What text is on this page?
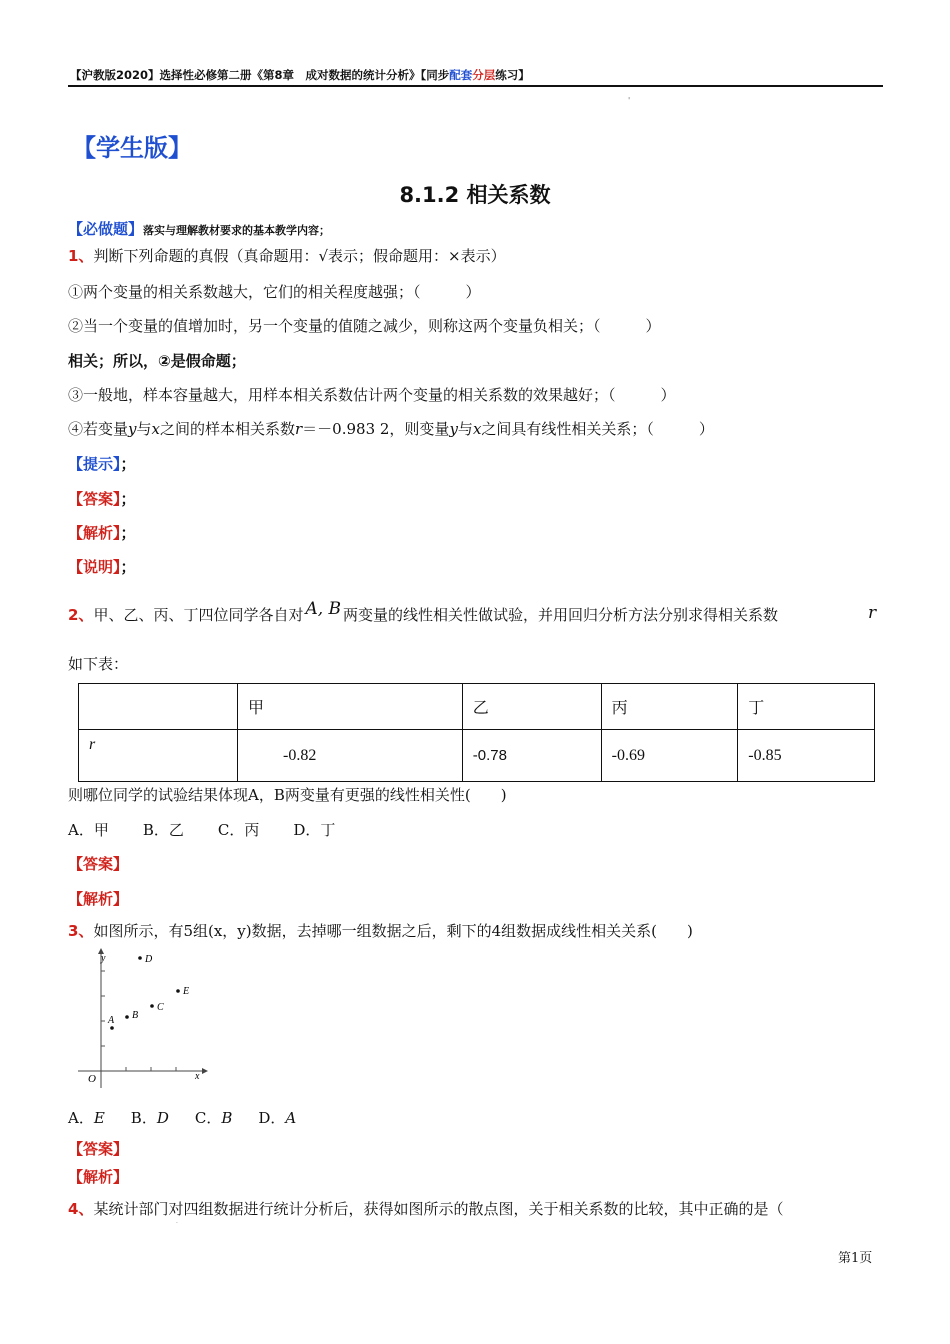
【沪教版2020】选择性必修第二册《第8章　成对数据的统计分析》【同步配套分层练习】
'
【学生版】
8.1.2 相关系数
【必做题】落实与理解教材要求的基本教学内容；
1、判断下列命题的真假（真命题用：√表示；假命题用：×表示）
①两个变量的相关系数越大，它们的相关程度越强；（　　　）
②当一个变量的值增加时，另一个变量的值随之减少，则称这两个变量负相关；（　　　）
相关；所以，②是假命题；
③一般地，样本容量越大，用样本相关系数估计两个变量的相关系数的效果越好；（　　　）
④若变量y与x之间的样本相关系数r＝－0.983 2，则变量y与x之间具有线性相关关系；（　　　）
【提示】；
【答案】；
【解析】；
【说明】；
2、甲、乙、丙、丁四位同学各自对 A, B 两变量的线性相关性做试验，并用回归分析方法分别求得相关系数	r
如下表：
	甲	乙	丙	丁
r	-0.82	-0.78	-0.69	-0.85
则哪位同学的试验结果体现A，B两变量有更强的线性相关性(　　)
A．甲 B．乙 C．丙 D．丁
【答案】
【解析】
3、如图所示，有5组(x，y)数据，去掉哪一组数据之后，剩下的4组数据成线性相关关系(　　)
O	x
y
A B
C
D
E
A．E B．D C．B D．A
【答案】
【解析】
4、某统计部门对四组数据进行统计分析后，获得如图所示的散点图，关于相关系数的比较，其中正确的是（
·
第1页
